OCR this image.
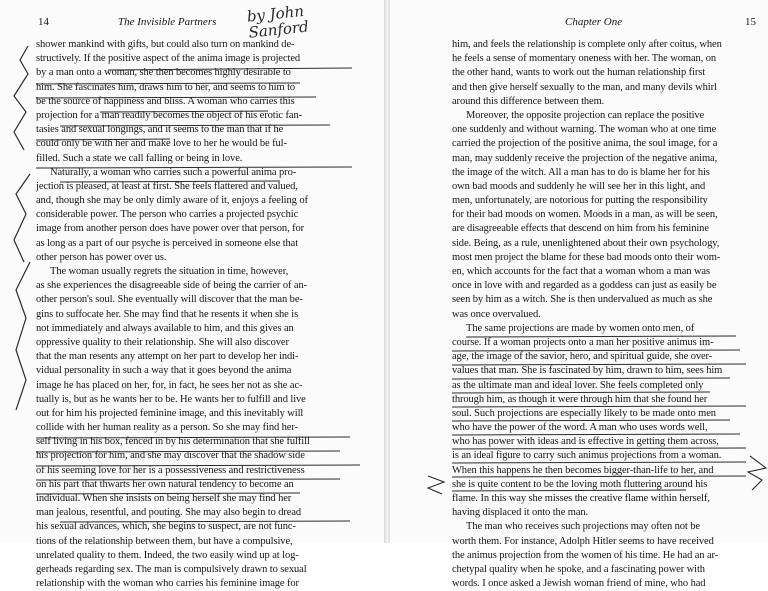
14	The Invisible Partners by John Sanford
shower mankind with gifts, but could also turn on mankind de-
structively. If the positive aspect of the anima image is projected
by a man onto a woman, she then becomes highly desirable to
him. She fascinates him, draws him to her, and seems to him to
be the source of happiness and bliss. A woman who carries this
projection for a man readily becomes the object of his erotic fan-
tasies and sexual longings, and it seems to the man that if he
could only be with her and make love to her he would be ful-
filled. Such a state we call falling or being in love.
Naturally, a woman who carries such a powerful anima pro-
jection is pleased, at least at first. She feels flattered and valued,
and, though she may be only dimly aware of it, enjoys a feeling of
considerable power. The person who carries a projected psychic
image from another person does have power over that person, for
as long as a part of our psyche is perceived in someone else that
other person has power over us.
The woman usually regrets the situation in time, however,
as she experiences the disagreeable side of being the carrier of an-
other person's soul. She eventually will discover that the man be-
gins to suffocate her. She may find that he resents it when she is
not immediately and always available to him, and this gives an
oppressive quality to their relationship. She will also discover
that the man resents any attempt on her part to develop her indi-
vidual personality in such a way that it goes beyond the anima
image he has placed on her, for, in fact, he sees her not as she ac-
tually is, but as he wants her to be. He wants her to fulfill and live
out for him his projected feminine image, and this inevitably will
collide with her human reality as a person. So she may find her-
self living in his box, fenced in by his determination that she fulfill
his projection for him, and she may discover that the shadow side
of his seeming love for her is a possessiveness and restrictiveness
on his part that thwarts her own natural tendency to become an
individual. When she insists on being herself she may find her
man jealous, resentful, and pouting. She may also begin to dread
his sexual advances, which, she begins to suspect, are not func-
tions of the relationship between them, but have a compulsive,
unrelated quality to them. Indeed, the two easily wind up at log-
gerheads regarding sex. The man is compulsively drawn to sexual
relationship with the woman who carries his feminine image for
Chapter One	15
him, and feels the relationship is complete only after coitus, when
he feels a sense of momentary oneness with her. The woman, on
the other hand, wants to work out the human relationship first
and then give herself sexually to the man, and many devils whirl
around this difference between them.
Moreover, the opposite projection can replace the positive
one suddenly and without warning. The woman who at one time
carried the projection of the positive anima, the soul image, for a
man, may suddenly receive the projection of the negative anima,
the image of the witch. All a man has to do is blame her for his
own bad moods and suddenly he will see her in this light, and
men, unfortunately, are notorious for putting the responsibility
for their bad moods on women. Moods in a man, as will be seen,
are disagreeable effects that descend on him from his feminine
side. Being, as a rule, unenlightened about their own psychology,
most men project the blame for these bad moods onto their wom-
en, which accounts for the fact that a woman whom a man was
once in love with and regarded as a goddess can just as easily be
seen by him as a witch. She is then undervalued as much as she
was once overvalued.
The same projections are made by women onto men, of
course. If a woman projects onto a man her positive animus im-
age, the image of the savior, hero, and spiritual guide, she over-
values that man. She is fascinated by him, drawn to him, sees him
as the ultimate man and ideal lover. She feels completed only
through him, as though it were through him that she found her
soul. Such projections are especially likely to be made onto men
who have the power of the word. A man who uses words well,
who has power with ideas and is effective in getting them across,
is an ideal figure to carry such animus projections from a woman.
When this happens he then becomes bigger-than-life to her, and
she is quite content to be the loving moth fluttering around his
flame. In this way she misses the creative flame within herself,
having displaced it onto the man.
The man who receives such projections may often not be
worth them. For instance, Adolph Hitler seems to have received
the animus projection from the women of his time. He had an ar-
chetypal quality when he spoke, and a fascinating power with
words. I once asked a Jewish woman friend of mine, who had
